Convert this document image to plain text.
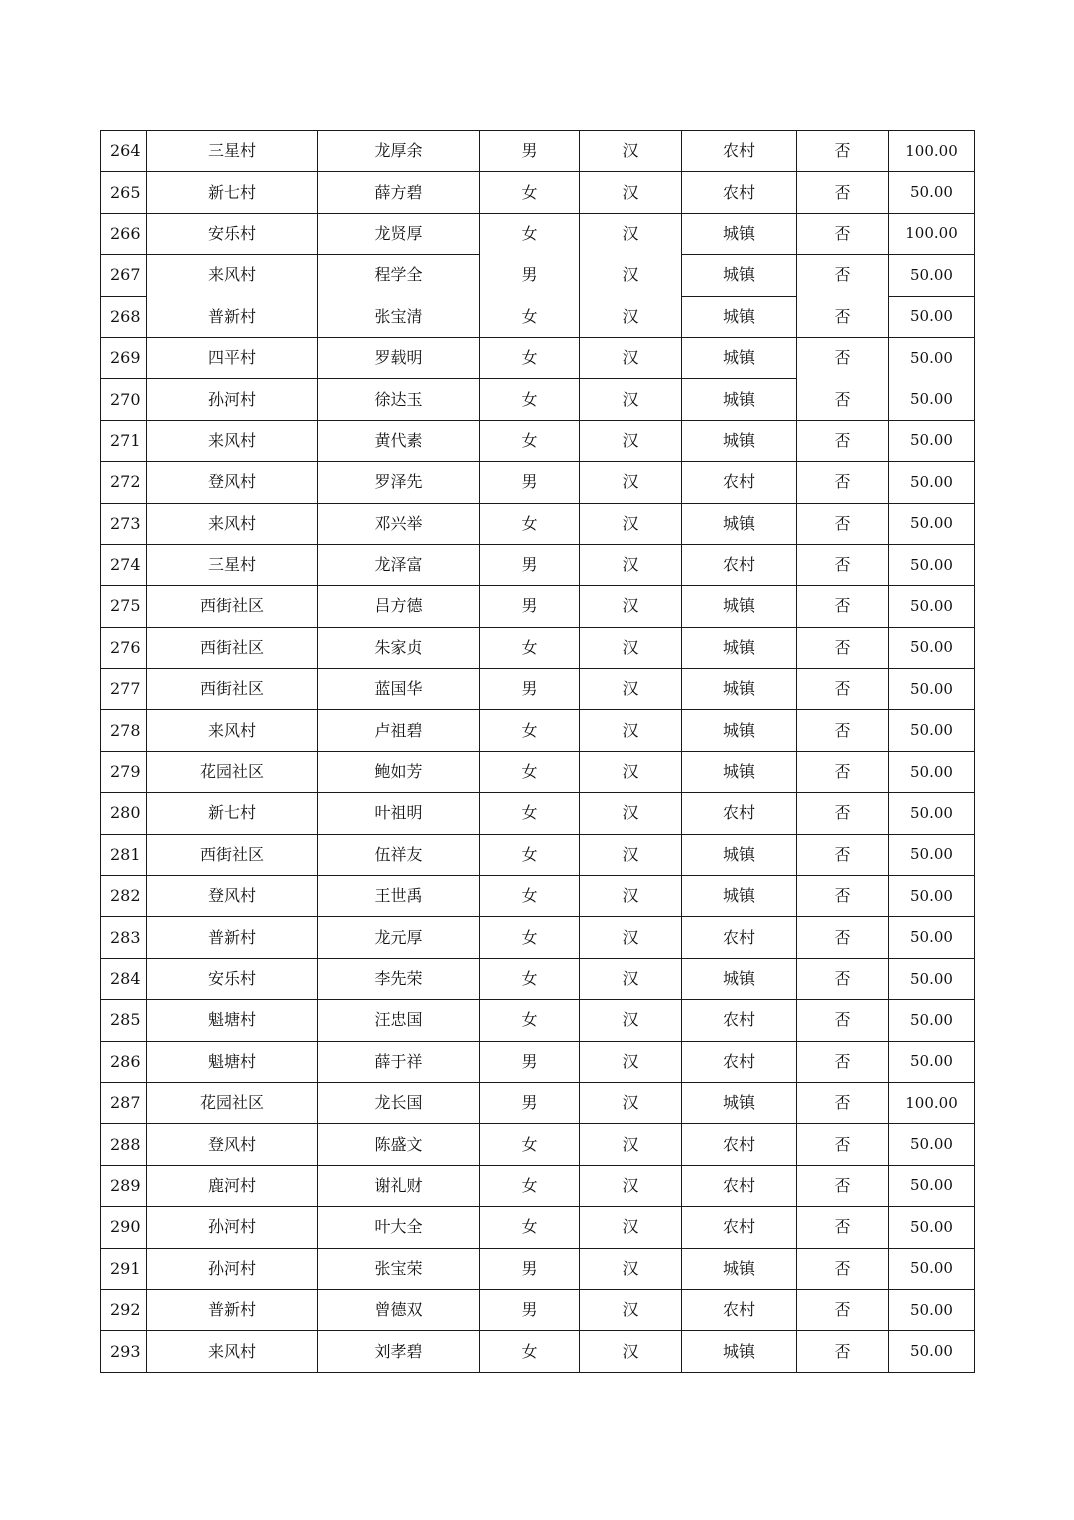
264	三星村	龙厚余	男	汉	农村	否	100.00
265	新七村	薛方碧	女	汉	农村	否	50.00
266	安乐村	龙贤厚	女	汉	城镇	否	100.00
267	来风村	程学全	男	汉	城镇	否	50.00
268	普新村	张宝清	女	汉	城镇	否	50.00
269	四平村	罗载明	女	汉	城镇	否	50.00
270	孙河村	徐达玉	女	汉	城镇	否	50.00
271	来风村	黄代素	女	汉	城镇	否	50.00
272	登风村	罗泽先	男	汉	农村	否	50.00
273	来风村	邓兴举	女	汉	城镇	否	50.00
274	三星村	龙泽富	男	汉	农村	否	50.00
275	西街社区	吕方德	男	汉	城镇	否	50.00
276	西街社区	朱家贞	女	汉	城镇	否	50.00
277	西街社区	蓝国华	男	汉	城镇	否	50.00
278	来风村	卢祖碧	女	汉	城镇	否	50.00
279	花园社区	鲍如芳	女	汉	城镇	否	50.00
280	新七村	叶祖明	女	汉	农村	否	50.00
281	西街社区	伍祥友	女	汉	城镇	否	50.00
282	登风村	王世禹	女	汉	城镇	否	50.00
283	普新村	龙元厚	女	汉	农村	否	50.00
284	安乐村	李先荣	女	汉	城镇	否	50.00
285	魁塘村	汪忠国	女	汉	农村	否	50.00
286	魁塘村	薛于祥	男	汉	农村	否	50.00
287	花园社区	龙长国	男	汉	城镇	否	100.00
288	登风村	陈盛文	女	汉	农村	否	50.00
289	鹿河村	谢礼财	女	汉	农村	否	50.00
290	孙河村	叶大全	女	汉	农村	否	50.00
291	孙河村	张宝荣	男	汉	城镇	否	50.00
292	普新村	曾德双	男	汉	农村	否	50.00
293	来风村	刘孝碧	女	汉	城镇	否	50.00
